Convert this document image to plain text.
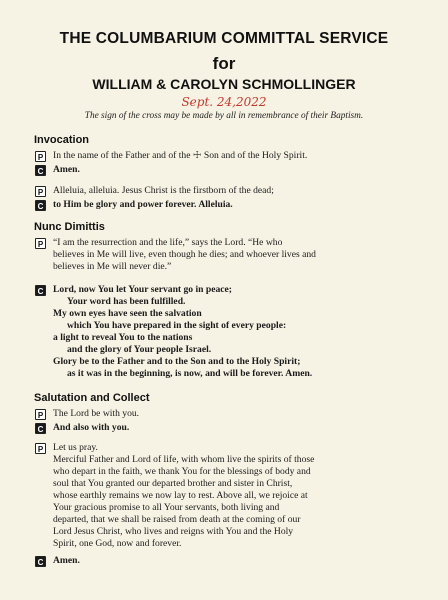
THE COLUMBARIUM COMMITTAL SERVICE
for
WILLIAM & CAROLYN SCHMOLLINGER
Sept. 24,2022
The sign of the cross may be made by all in remembrance of their Baptism.
Invocation
P In the name of the Father and of the ☩ Son and of the Holy Spirit.
C Amen.
P Alleluia, alleluia. Jesus Christ is the firstborn of the dead;
C to Him be glory and power forever. Alleluia.
Nunc Dimittis
P “I am the resurrection and the life,” says the Lord. “He who
believes in Me will live, even though he dies; and whoever lives and
believes in Me will never die.”
C Lord, now You let Your servant go in peace;
Your word has been fulfilled.
My own eyes have seen the salvation
which You have prepared in the sight of every people:
a light to reveal You to the nations
and the glory of Your people Israel.
Glory be to the Father and to the Son and to the Holy Spirit;
as it was in the beginning, is now, and will be forever. Amen.
Salutation and Collect
P The Lord be with you.
C And also with you.
P Let us pray.
Merciful Father and Lord of life, with whom live the spirits of those
who depart in the faith, we thank You for the blessings of body and
soul that You granted our departed brother and sister in Christ,
whose earthly remains we now lay to rest. Above all, we rejoice at
Your gracious promise to all Your servants, both living and
departed, that we shall be raised from death at the coming of our
Lord Jesus Christ, who lives and reigns with You and the Holy
Spirit, one God, now and forever.
C Amen.
